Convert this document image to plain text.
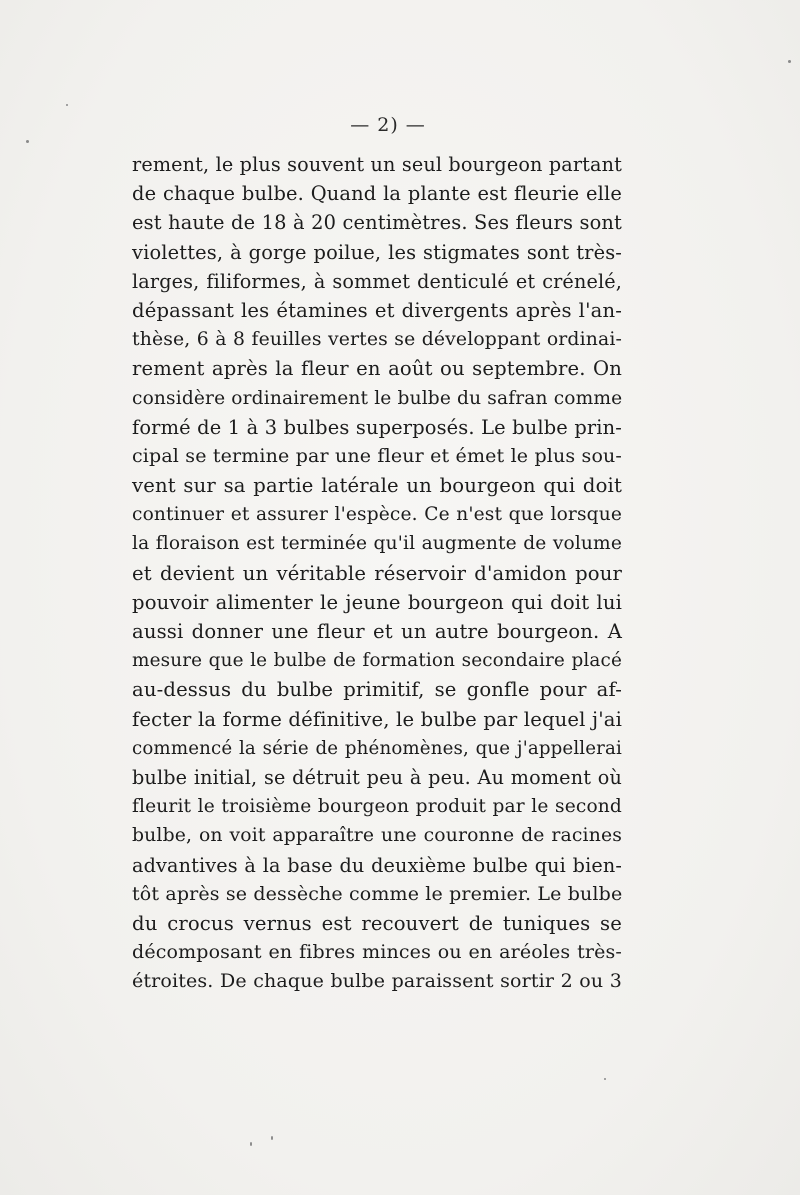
— 2) —
rement, le plus souvent un seul bourgeon partant
de chaque bulbe. Quand la plante est fleurie elle
est haute de 18 à 20 centimètres. Ses fleurs sont
violettes, à gorge poilue, les stigmates sont très-
larges, filiformes, à sommet denticulé et crénelé,
dépassant les étamines et divergents après l'an-
thèse, 6 à 8 feuilles vertes se développant ordinai-
rement après la fleur en août ou septembre. On
considère ordinairement le bulbe du safran comme
formé de 1 à 3 bulbes superposés. Le bulbe prin-
cipal se termine par une fleur et émet le plus sou-
vent sur sa partie latérale un bourgeon qui doit
continuer et assurer l'espèce. Ce n'est que lorsque
la floraison est terminée qu'il augmente de volume
et devient un véritable réservoir d'amidon pour
pouvoir alimenter le jeune bourgeon qui doit lui
aussi donner une fleur et un autre bourgeon. A
mesure que le bulbe de formation secondaire placé
au-dessus du bulbe primitif, se gonfle pour af-
fecter la forme définitive, le bulbe par lequel j'ai
commencé la série de phénomènes, que j'appellerai
bulbe initial, se détruit peu à peu. Au moment où
fleurit le troisième bourgeon produit par le second
bulbe, on voit apparaître une couronne de racines
advantives à la base du deuxième bulbe qui bien-
tôt après se dessèche comme le premier. Le bulbe
du crocus vernus est recouvert de tuniques se
décomposant en fibres minces ou en aréoles très-
étroites. De chaque bulbe paraissent sortir 2 ou 3
